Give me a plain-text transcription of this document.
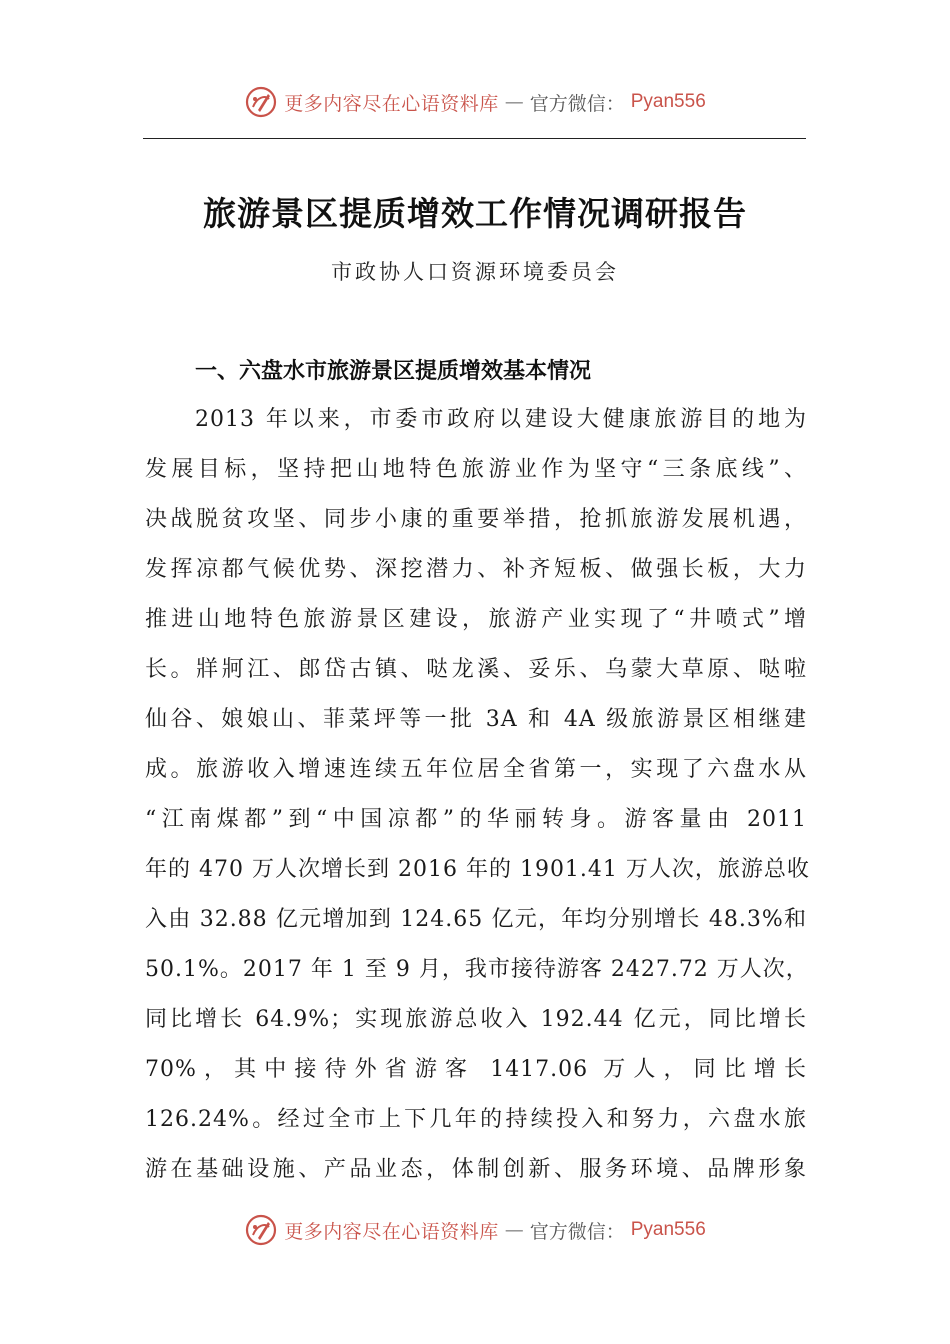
更多内容尽在心语资料库 — 官方微信： Pyan556
旅游景区提质增效工作情况调研报告

市政协人口资源环境委员会

一、六盘水市旅游景区提质增效基本情况
2013 年以来，市委市政府以建设大健康旅游目的地为
发展目标，坚持把山地特色旅游业作为坚守“三条底线”、
决战脱贫攻坚、同步小康的重要举措，抢抓旅游发展机遇，
发挥凉都气候优势、深挖潜力、补齐短板、做强长板，大力
推进山地特色旅游景区建设，旅游产业实现了“井喷式”增
长。牂牁江、郎岱古镇、哒龙溪、妥乐、乌蒙大草原、哒啦
仙谷、娘娘山、菲菜坪等一批 3A 和 4A 级旅游景区相继建
成。旅游收入增速连续五年位居全省第一，实现了六盘水从
“江南煤都”到“中国凉都”的华丽转身。游客量由 2011
年的 470 万人次增长到 2016 年的 1901.41 万人次，旅游总收
入由 32.88 亿元增加到 124.65 亿元，年均分别增长 48.3%和
50.1%。2017 年 1 至 9 月，我市接待游客 2427.72 万人次，
同比增长 64.9%；实现旅游总收入 192.44 亿元，同比增长
70%，其中接待外省游客 1417.06 万人，同比增长
126.24%。经过全市上下几年的持续投入和努力，六盘水旅
游在基础设施、产品业态，体制创新、服务环境、品牌形象
更多内容尽在心语资料库 — 官方微信： Pyan556
